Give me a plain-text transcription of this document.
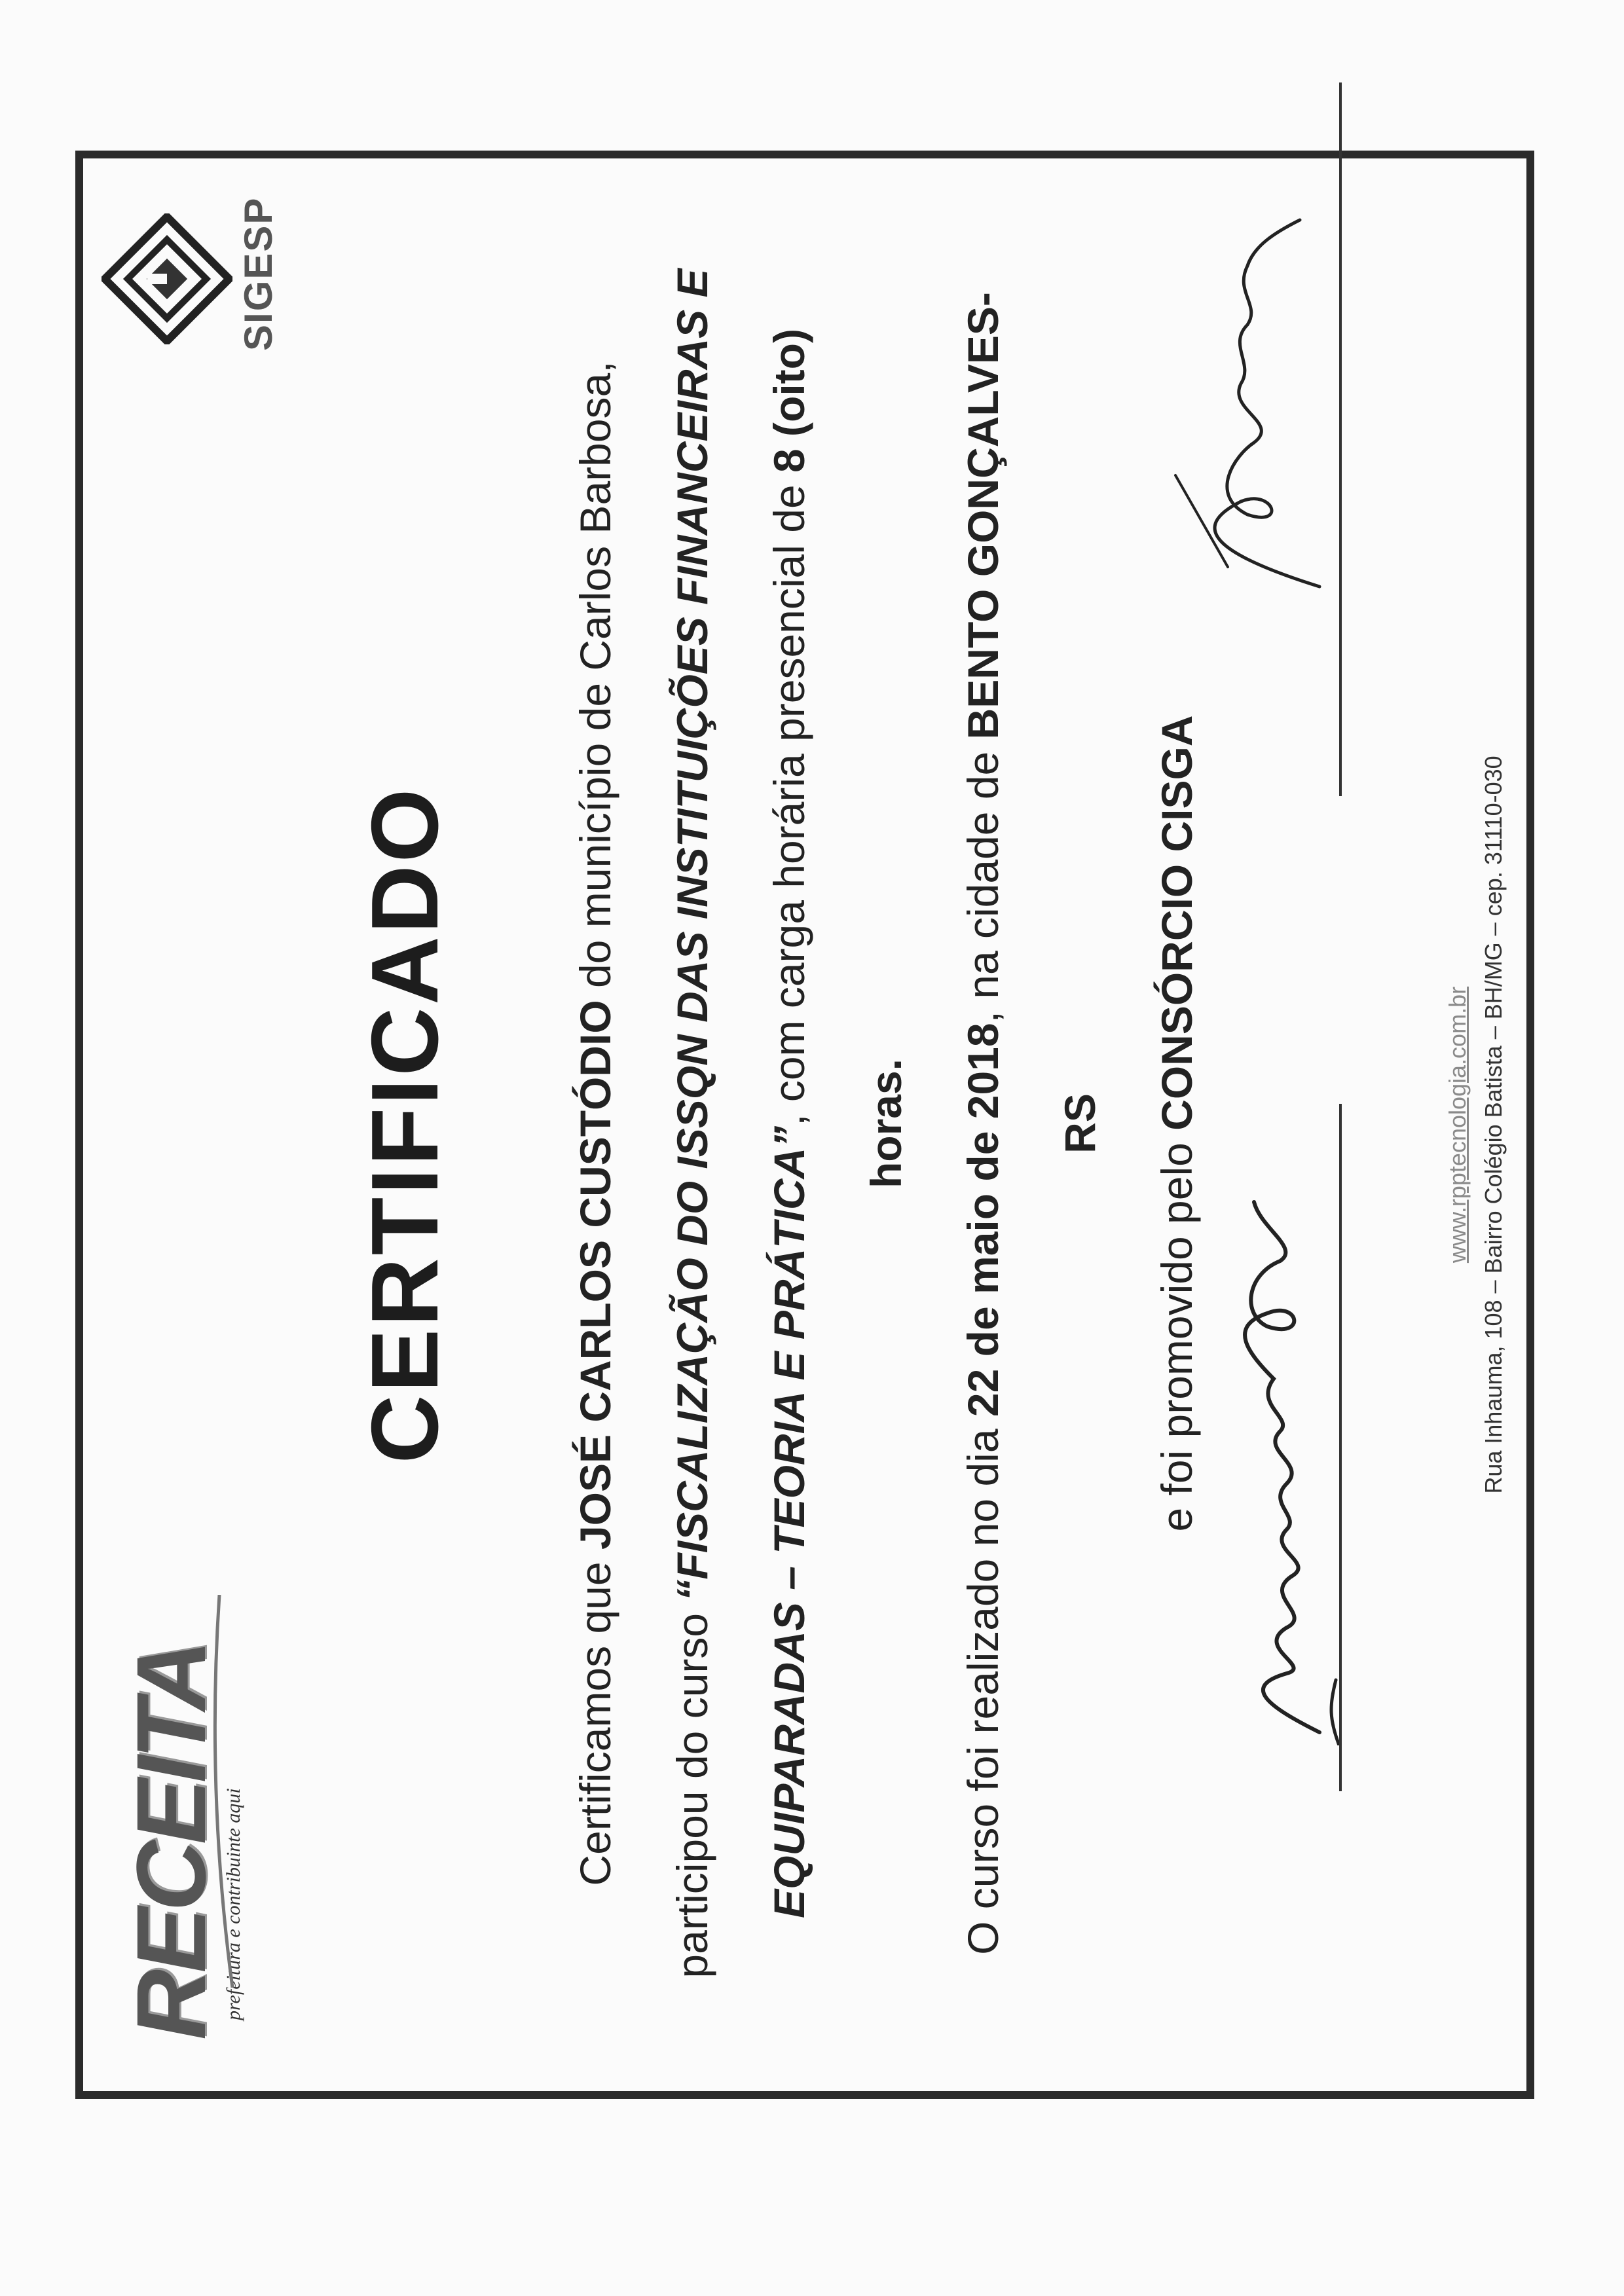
RECEITA
prefeitura e contribuinte aqui
SIGESP
CERTIFICADO

Certificamos que JOSÉ CARLOS CUSTÓDIO do município de Carlos Barbosa,

participou do curso “FISCALIZAÇÃO DO ISSQN DAS INSTITUIÇÕES FINANCEIRAS E	EQUIPARADAS – TEORIA E PRÁTICA”, com carga horária presencial de 8 (oito)

horas.

O curso foi realizado no dia 22 de maio de 2018, na cidade de BENTO GONÇALVES-RS

e foi promovido pelo CONSÓRCIO CISGA	www.rpptecnologia.com.br Rua Inhauma, 108 – Bairro Colégio Batista – BH/MG – cep. 31110-030
